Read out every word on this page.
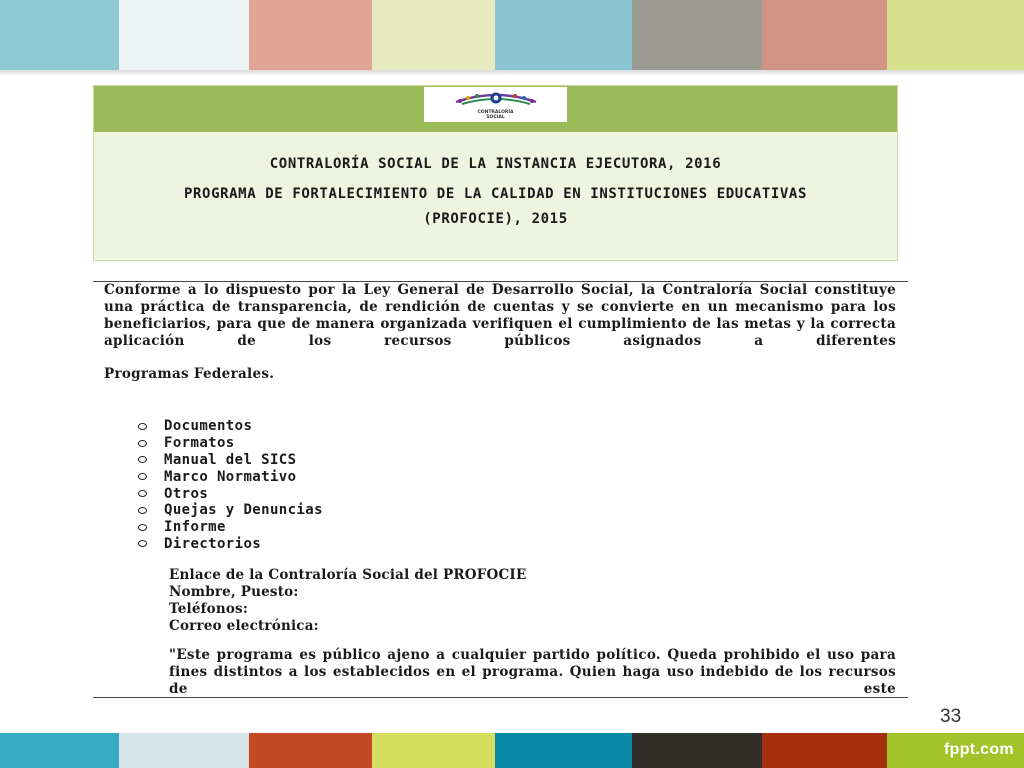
CONTRALORÍA SOCIAL
CONTRALORÍA SOCIAL DE LA INSTANCIA EJECUTORA, 2016
PROGRAMA DE FORTALECIMIENTO DE LA CALIDAD EN INSTITUCIONES EDUCATIVAS
(PROFOCIE), 2015

Conforme a lo dispuesto por la Ley General de Desarrollo Social, la Contraloría Social constituye una práctica de transparencia, de rendición de cuentas y se convierte en un mecanismo para los beneficiarios, para que de manera organizada verifiquen el cumplimiento de las metas y la correcta aplicación de los recursos públicos asignados a diferentes

Programas Federales.

Documentos
Formatos
Manual del SICS
Marco Normativo
Otros
Quejas y Denuncias
Informe
Directorios
Enlace de la Contraloría Social del PROFOCIE
Nombre, Puesto:
Teléfonos:
Correo electrónica:

"Este programa es público ajeno a cualquier partido político. Queda prohibido el uso para fines distintos a los establecidos en el programa. Quien haga uso indebido de los recursos de este

33
fppt.com
